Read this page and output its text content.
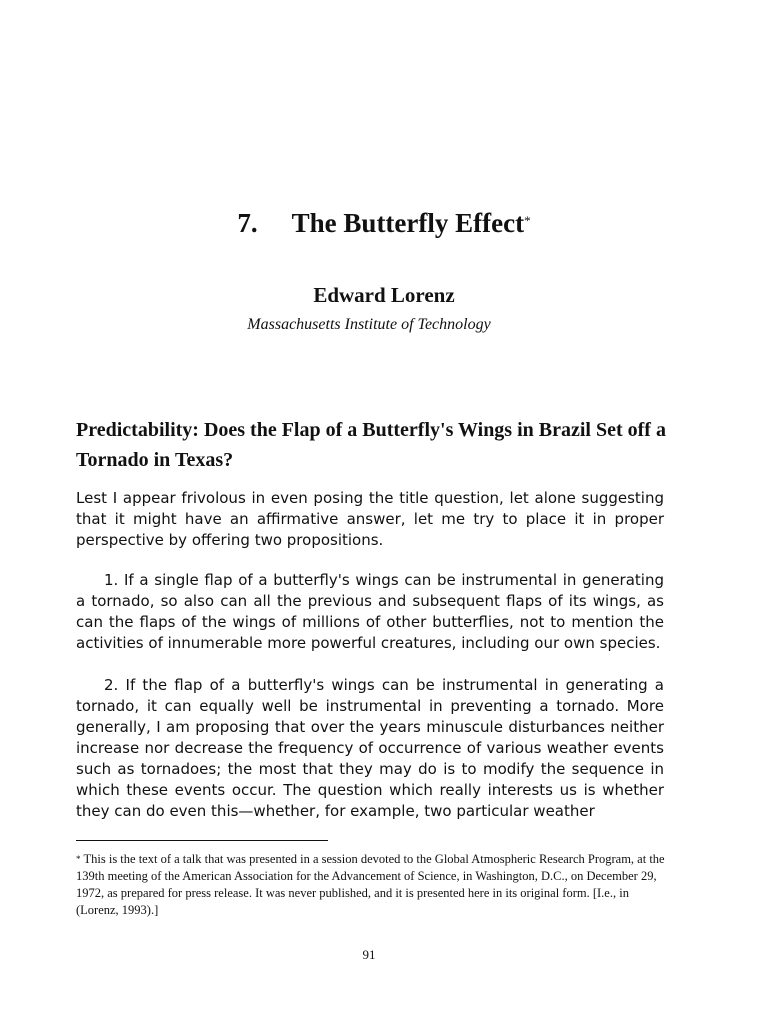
7. The Butterfly Effect*

Edward Lorenz

Massachusetts Institute of Technology

Predictability: Does the Flap of a Butterfly's Wings in Brazil Set off a Tornado in Texas?

Lest I appear frivolous in even posing the title question, let alone suggesting that it might have an affirmative answer, let me try to place it in proper perspective by offering two propositions.

1. If a single flap of a butterfly's wings can be instrumental in generating a tornado, so also can all the previous and subsequent flaps of its wings, as can the flaps of the wings of millions of other butterflies, not to mention the activities of innumerable more powerful creatures, including our own species.

2. If the flap of a butterfly's wings can be instrumental in generating a tornado, it can equally well be instrumental in preventing a tornado. More generally, I am proposing that over the years minuscule disturbances neither increase nor decrease the frequency of occurrence of various weather events such as tornadoes; the most that they may do is to modify the sequence in which these events occur. The question which really interests us is whether they can do even this—whether, for example, two particular weather

* This is the text of a talk that was presented in a session devoted to the Global Atmospheric Research Program, at the 139th meeting of the American Association for the Advancement of Science, in Washington, D.C., on December 29, 1972, as prepared for press release. It was never published, and it is presented here in its original form. [I.e., in (Lorenz, 1993).]

91
